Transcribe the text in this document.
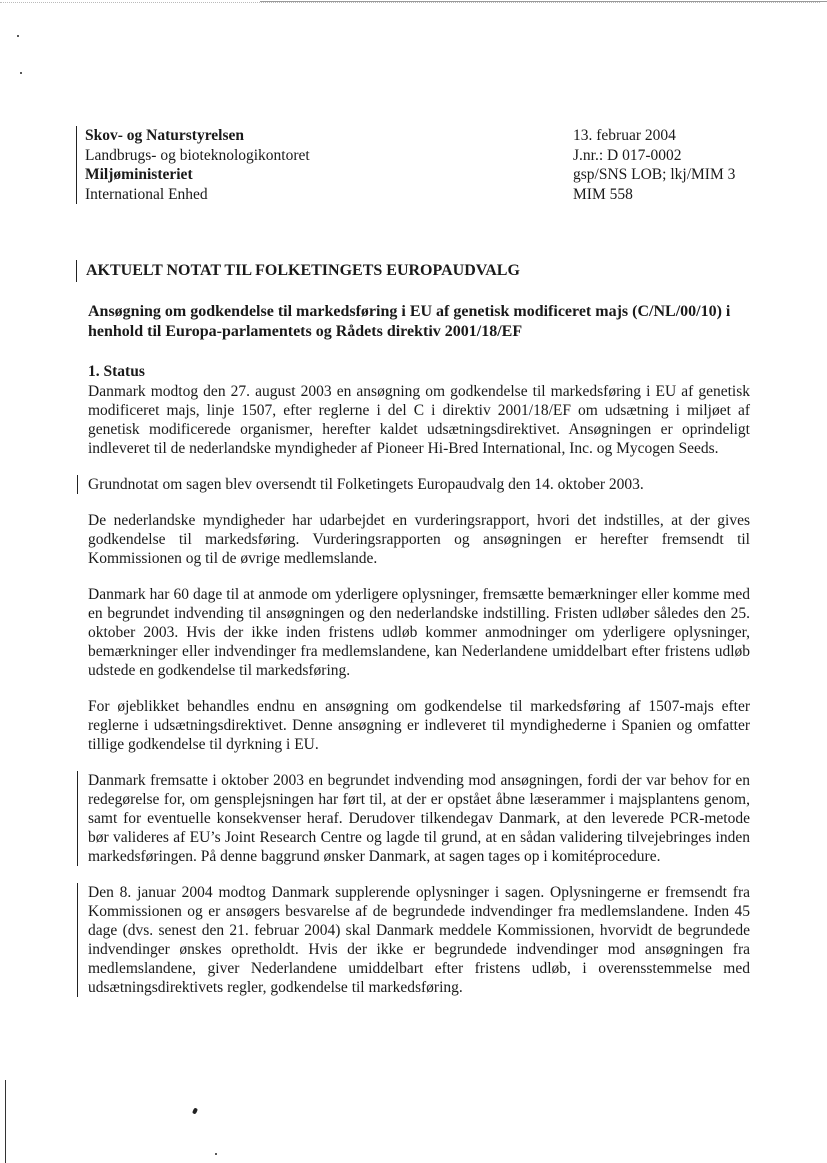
Skov- og Naturstyrelsen
Landbrugs- og bioteknologikontoret
Miljøministeriet
International Enhed
13. februar 2004
J.nr.: D 017-0002
gsp/SNS LOB; lkj/MIM 3
MIM 558
AKTUELT NOTAT TIL FOLKETINGETS EUROPAUDVALG
Ansøgning om godkendelse til markedsføring i EU af genetisk modificeret majs (C/NL/00/10) i henhold til Europa-parlamentets og Rådets direktiv 2001/18/EF
1. Status

Danmark modtog den 27. august 2003 en ansøgning om godkendelse til markedsføring i EU af genetisk modificeret majs, linje 1507, efter reglerne i del C i direktiv 2001/18/EF om udsætning i miljøet af genetisk modificerede organismer, herefter kaldet udsætningsdirektivet. Ansøgningen er oprindeligt indleveret til de nederlandske myndigheder af Pioneer Hi-Bred International, Inc. og Mycogen Seeds.

Grundnotat om sagen blev oversendt til Folketingets Europaudvalg den 14. oktober 2003.

De nederlandske myndigheder har udarbejdet en vurderingsrapport, hvori det indstilles, at der gives godkendelse til markedsføring. Vurderingsrapporten og ansøgningen er herefter fremsendt til Kommissionen og til de øvrige medlemslande.

Danmark har 60 dage til at anmode om yderligere oplysninger, fremsætte bemærkninger eller komme med en begrundet indvending til ansøgningen og den nederlandske indstilling. Fristen udløber således den 25. oktober 2003. Hvis der ikke inden fristens udløb kommer anmodninger om yderligere oplysninger, bemærkninger eller indvendinger fra medlemslandene, kan Nederlandene umiddelbart efter fristens udløb udstede en godkendelse til markedsføring.

For øjeblikket behandles endnu en ansøgning om godkendelse til markedsføring af 1507-majs efter reglerne i udsætningsdirektivet. Denne ansøgning er indleveret til myndighederne i Spanien og omfatter tillige godkendelse til dyrkning i EU.

Danmark fremsatte i oktober 2003 en begrundet indvending mod ansøgningen, fordi der var behov for en redegørelse for, om gensplejsningen har ført til, at der er opstået åbne læserammer i majsplantens genom, samt for eventuelle konsekvenser heraf. Derudover tilkendegav Danmark, at den leverede PCR-metode bør valideres af EU’s Joint Research Centre og lagde til grund, at en sådan validering tilvejebringes inden markedsføringen. På denne baggrund ønsker Danmark, at sagen tages op i komitéprocedure.

Den 8. januar 2004 modtog Danmark supplerende oplysninger i sagen. Oplysningerne er fremsendt fra Kommissionen og er ansøgers besvarelse af de begrundede indvendinger fra medlemslandene. Inden 45 dage (dvs. senest den 21. februar 2004) skal Danmark meddele Kommissionen, hvorvidt de begrundede indvendinger ønskes opretholdt. Hvis der ikke er begrundede indvendinger mod ansøgningen fra medlemslandene, giver Nederlandene umiddelbart efter fristens udløb, i overensstemmelse med udsætningsdirektivets regler, godkendelse til markedsføring.
